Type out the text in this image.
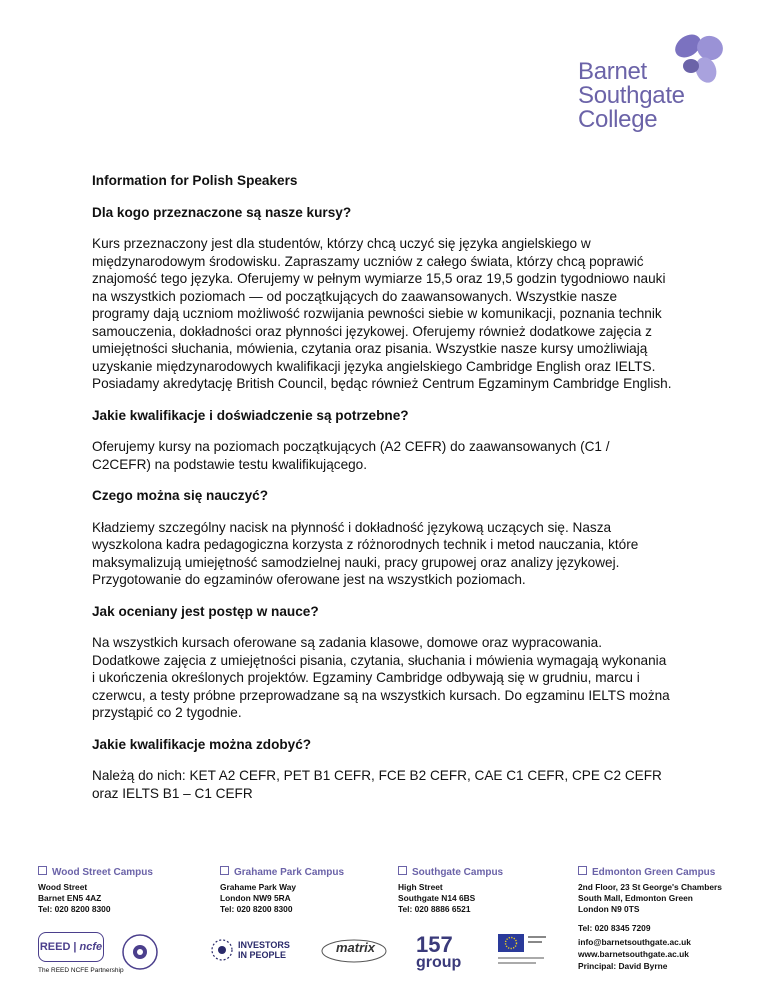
Barnet
Southgate
College
Information for Polish Speakers
Dla kogo przeznaczone są nasze kursy?
Kurs przeznaczony jest dla studentów, którzy chcą uczyć się języka angielskiego w międzynarodowym środowisku. Zapraszamy uczniów z całego świata, którzy chcą poprawić znajomość tego języka. Oferujemy w pełnym wymiarze 15,5 oraz 19,5 godzin tygodniowo nauki na wszystkich poziomach — od początkujących do zaawansowanych. Wszystkie nasze programy dają uczniom możliwość rozwijania pewności siebie w komunikacji, poznania technik samouczenia, dokładności oraz płynności językowej. Oferujemy również dodatkowe zajęcia z umiejętności słuchania, mówienia, czytania oraz pisania. Wszystkie nasze kursy umożliwiają uzyskanie międzynarodowych kwalifikacji języka angielskiego Cambridge English oraz IELTS. Posiadamy akredytację British Council, będąc również Centrum Egzaminym Cambridge English.
Jakie kwalifikacje i doświadczenie są potrzebne?
Oferujemy kursy na poziomach początkujących (A2 CEFR) do zaawansowanych (C1 / C2CEFR) na podstawie testu kwalifikującego.
Czego można się nauczyć?
Kładziemy szczególny nacisk na płynność i dokładność językową uczących się. Nasza wyszkolona kadra pedagogiczna korzysta z różnorodnych technik i metod nauczania, które maksymalizują umiejętność samodzielnej nauki, pracy grupowej oraz analizy językowej. Przygotowanie do egzaminów oferowane jest na wszystkich poziomach.
Jak oceniany jest postęp w nauce?
Na wszystkich kursach oferowane są zadania klasowe, domowe oraz wypracowania. Dodatkowe zajęcia z umiejętności pisania, czytania, słuchania i mówienia wymagają wykonania i ukończenia określonych projektów. Egzaminy Cambridge odbywają się w grudniu, marcu i czerwcu, a testy próbne przeprowadzane są na wszystkich kursach. Do egzaminu IELTS można przystąpić co 2 tygodnie.
Jakie kwalifikacje można zdobyć?
Należą do nich: KET A2 CEFR, PET B1 CEFR, FCE B2 CEFR, CAE C1 CEFR, CPE C2 CEFR oraz IELTS B1 – C1 CEFR
Wood Street Campus
Wood Street
Barnet EN5 4AZ
Tel: 020 8200 8300
Grahame Park Campus
Grahame Park Way
London NW9 5RA
Tel: 020 8200 8300
Southgate Campus
High Street
Southgate N14 6BS
Tel: 020 8886 6521
Edmonton Green Campus
2nd Floor, 23 St George's Chambers
South Mall, Edmonton Green
London N9 0TS
REED | ncfe
The REED NCFE Partnership
INVESTORS
IN PEOPLE	matrix 157
group
Tel: 020 8345 7209
info@barnetsouthgate.ac.uk
www.barnetsouthgate.ac.uk
Principal: David Byrne
